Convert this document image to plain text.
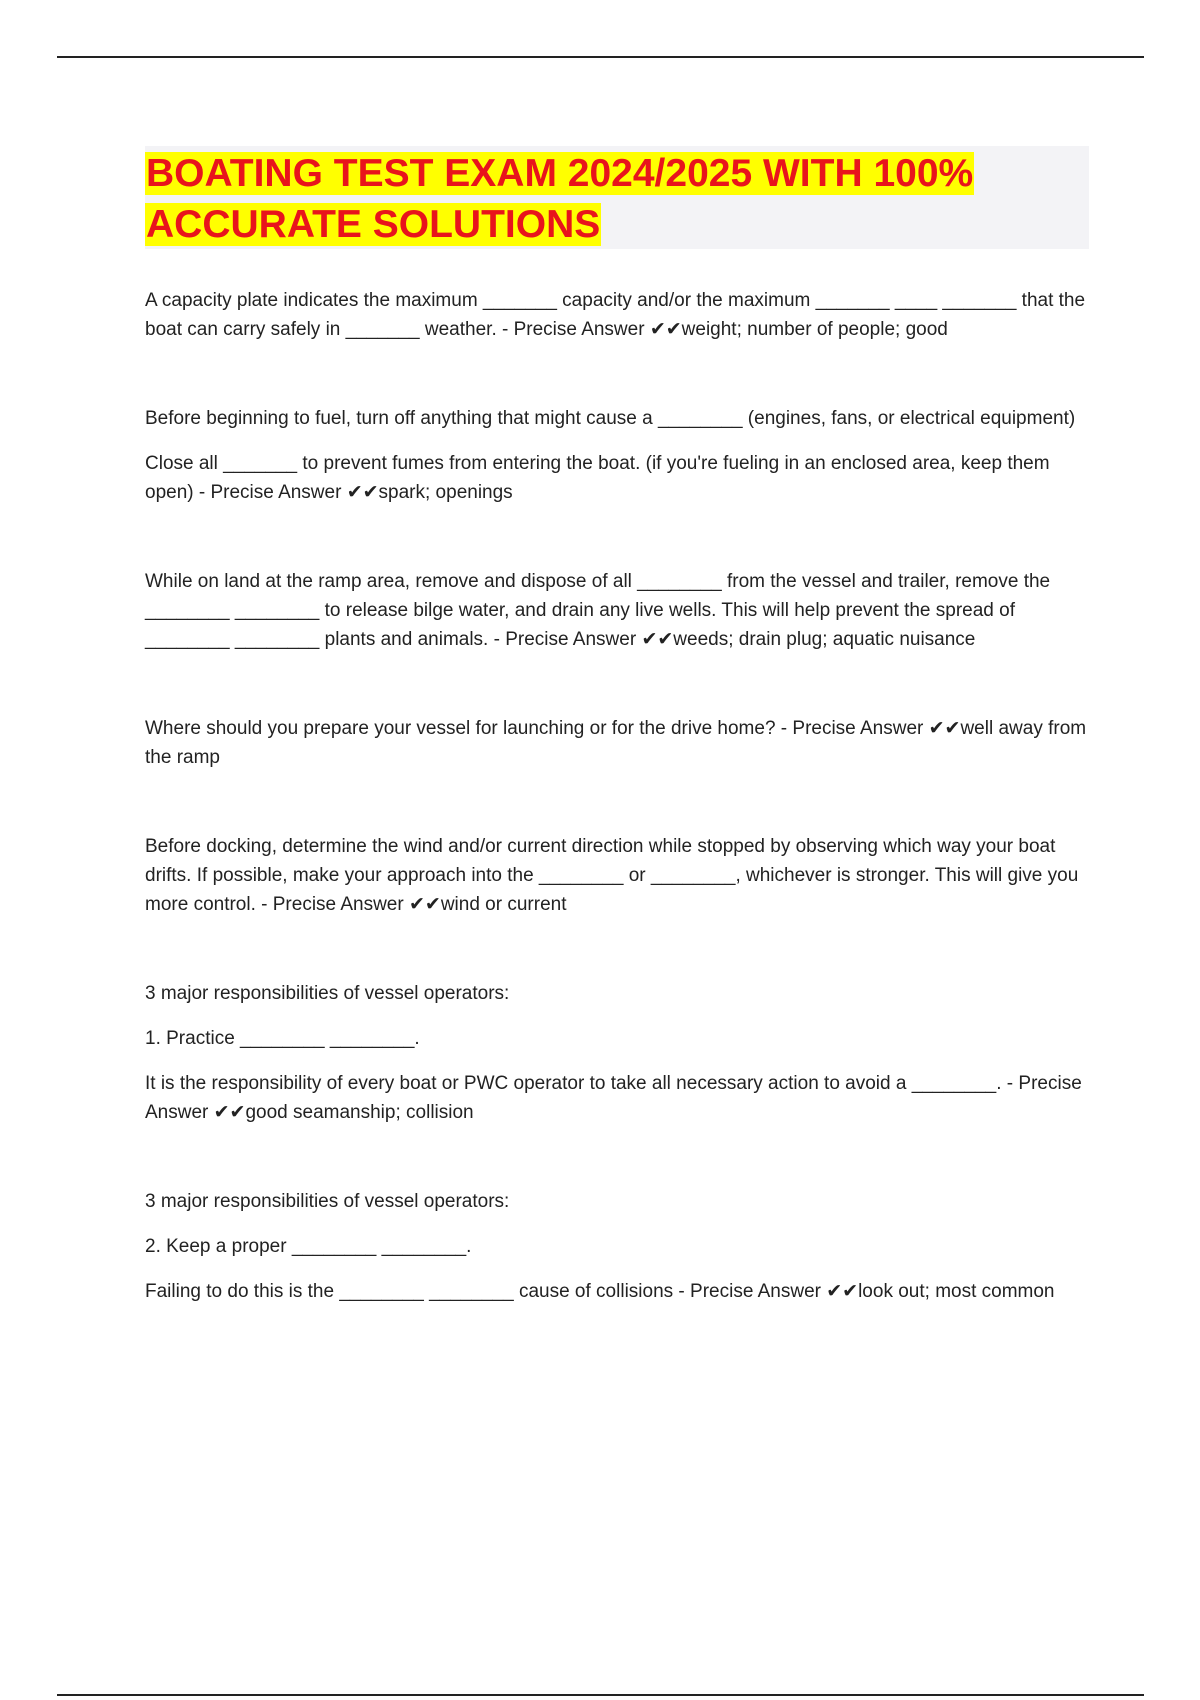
BOATING TEST EXAM 2024/2025 WITH 100% ACCURATE SOLUTIONS

A capacity plate indicates the maximum _______ capacity and/or the maximum _______ ____ _______ that the boat can carry safely in _______ weather. - Precise Answer ✔✔weight; number of people; good

Before beginning to fuel, turn off anything that might cause a ________ (engines, fans, or electrical equipment)

Close all _______ to prevent fumes from entering the boat. (if you're fueling in an enclosed area, keep them open) - Precise Answer ✔✔spark; openings

While on land at the ramp area, remove and dispose of all ________ from the vessel and trailer, remove the ________ ________ to release bilge water, and drain any live wells. This will help prevent the spread of ________ ________ plants and animals. - Precise Answer ✔✔weeds; drain plug; aquatic nuisance

Where should you prepare your vessel for launching or for the drive home? - Precise Answer ✔✔well away from the ramp

Before docking, determine the wind and/or current direction while stopped by observing which way your boat drifts. If possible, make your approach into the ________ or ________, whichever is stronger. This will give you more control. - Precise Answer ✔✔wind or current

3 major responsibilities of vessel operators:

1. Practice ________ ________.

It is the responsibility of every boat or PWC operator to take all necessary action to avoid a ________. - Precise Answer ✔✔good seamanship; collision

3 major responsibilities of vessel operators:

2. Keep a proper ________ ________.

Failing to do this is the ________ ________ cause of collisions - Precise Answer ✔✔look out; most common
